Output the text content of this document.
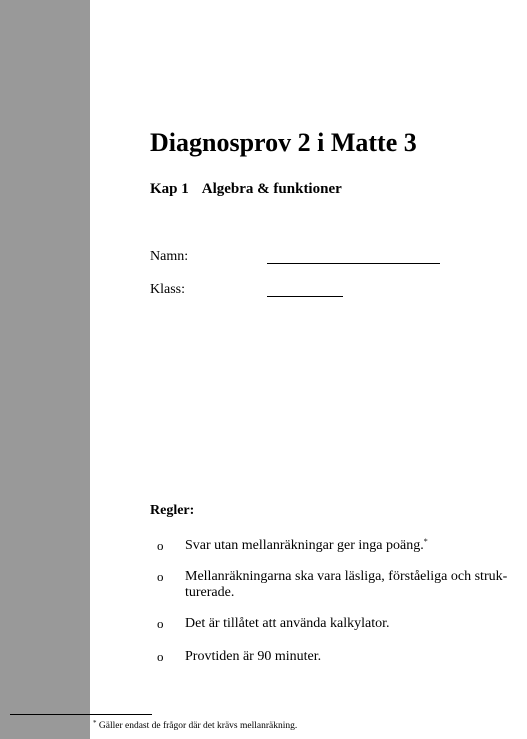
Diagnosprov 2 i Matte 3
Kap 1 Algebra & funktioner
Namn:
Klass:
Regler:
o Svar utan mellanräkningar ger inga poäng.*
o Mellanräkningarna ska vara läsliga, förståeliga och struk-turerade.
o Det är tillåtet att använda kalkylator.
o Provtiden är 90 minuter.
* Gäller endast de frågor där det krävs mellanräkning.
